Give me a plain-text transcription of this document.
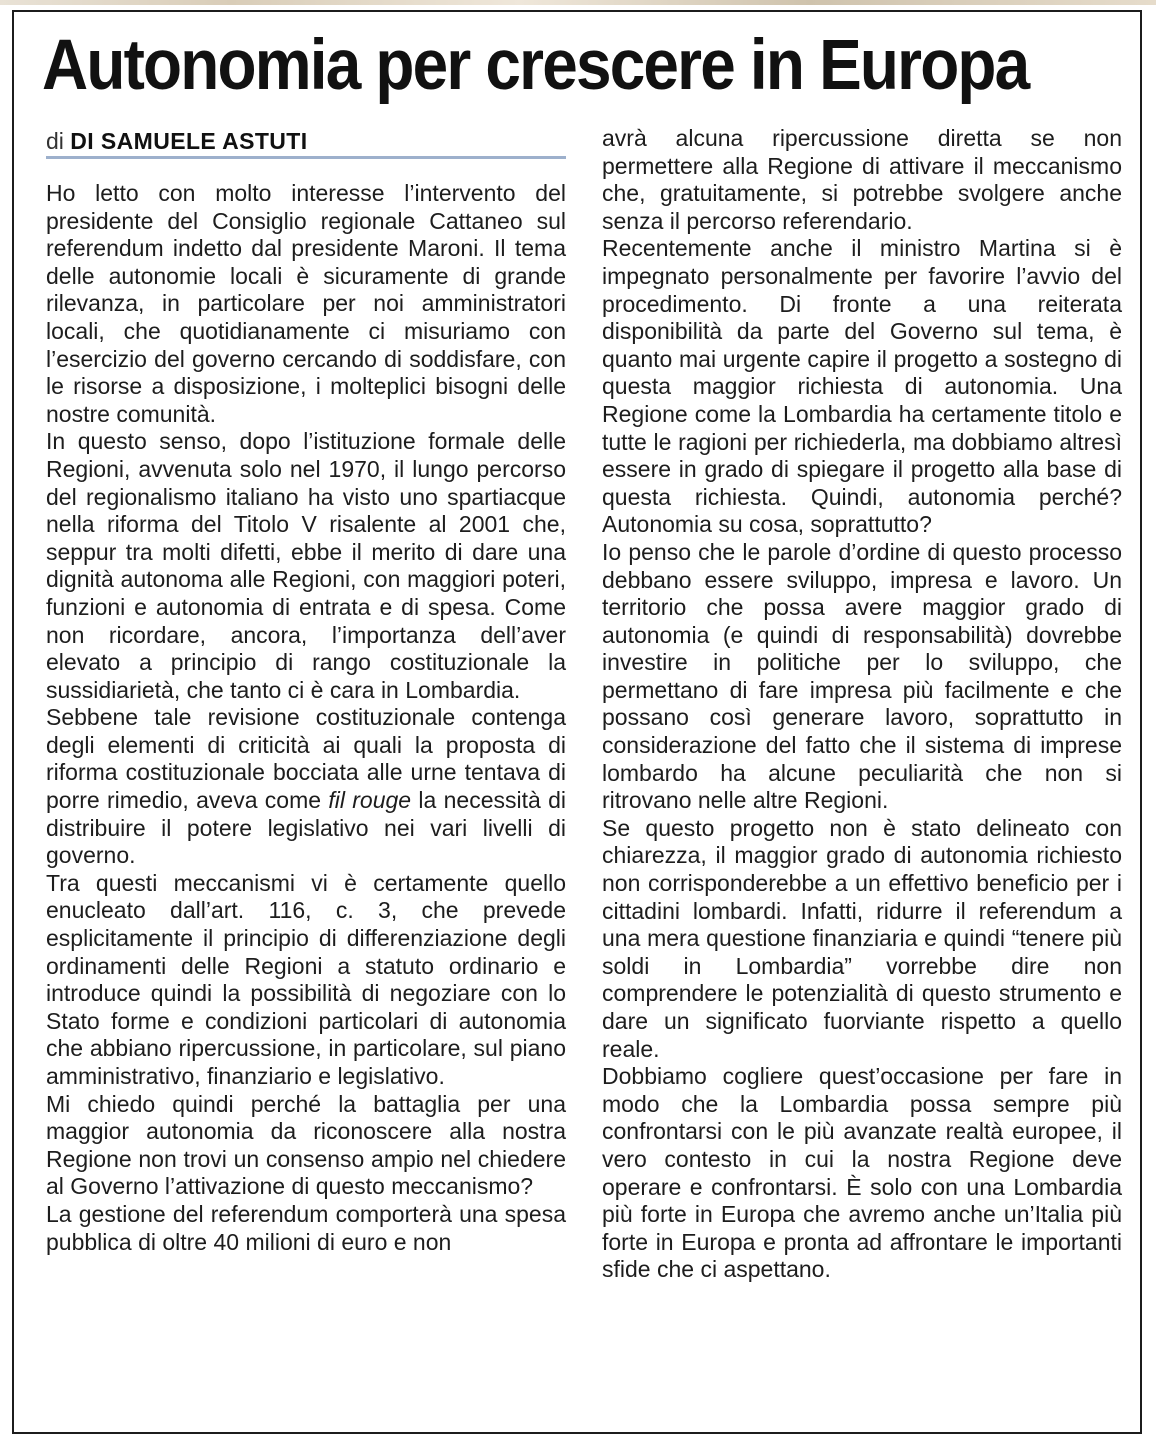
Autonomia per crescere in Europa
di DI SAMUELE ASTUTI

Ho letto con molto interesse l’intervento del presidente del Consiglio regionale Cattaneo sul referendum indetto dal presidente Maroni. Il tema delle autonomie locali è sicuramente di grande rilevanza, in particolare per noi amministratori locali, che quotidianamente ci misuriamo con l’esercizio del governo cercando di soddisfare, con le risorse a disposizione, i molteplici bisogni delle nostre comunità.

In questo senso, dopo l’istituzione formale delle Regioni, avvenuta solo nel 1970, il lungo percorso del regionalismo italiano ha visto uno spartiacque nella riforma del Titolo V risalente al 2001 che, seppur tra molti difetti, ebbe il merito di dare una dignità autonoma alle Regioni, con maggiori poteri, funzioni e autonomia di entrata e di spesa. Come non ricordare, ancora, l’importanza dell’aver elevato a principio di rango costituzionale la sussidiarietà, che tanto ci è cara in Lombardia.

Sebbene tale revisione costituzionale contenga degli elementi di criticità ai quali la proposta di riforma costituzionale bocciata alle urne tentava di porre rimedio, aveva come fil rouge la necessità di distribuire il potere legislativo nei vari livelli di governo.

Tra questi meccanismi vi è certamente quello enucleato dall’art. 116, c. 3, che prevede esplicitamente il principio di differenziazione degli ordinamenti delle Regioni a statuto ordinario e introduce quindi la possibilità di negoziare con lo Stato forme e condizioni particolari di autonomia che abbiano ripercussione, in particolare, sul piano amministrativo, finanziario e legislativo.

Mi chiedo quindi perché la battaglia per una maggior autonomia da riconoscere alla nostra Regione non trovi un consenso ampio nel chiedere al Governo l’attivazione di questo meccanismo?

La gestione del referendum comporterà una spesa pubblica di oltre 40 milioni di euro e non

avrà alcuna ripercussione diretta se non permettere alla Regione di attivare il meccanismo che, gratuitamente, si potrebbe svolgere anche senza il percorso referendario.

Recentemente anche il ministro Martina si è impegnato personalmente per favorire l’avvio del procedimento. Di fronte a una reiterata disponibilità da parte del Governo sul tema, è quanto mai urgente capire il progetto a sostegno di questa maggior richiesta di autonomia. Una Regione come la Lombardia ha certamente titolo e tutte le ragioni per richiederla, ma dobbiamo altresì essere in grado di spiegare il progetto alla base di questa richiesta. Quindi, autonomia perché? Autonomia su cosa, soprattutto?

Io penso che le parole d’ordine di questo processo debbano essere sviluppo, impresa e lavoro. Un territorio che possa avere maggior grado di autonomia (e quindi di responsabilità) dovrebbe investire in politiche per lo sviluppo, che permettano di fare impresa più facilmente e che possano così generare lavoro, soprattutto in considerazione del fatto che il sistema di imprese lombardo ha alcune peculiarità che non si ritrovano nelle altre Regioni.

Se questo progetto non è stato delineato con chiarezza, il maggior grado di autonomia richiesto non corrisponderebbe a un effettivo beneficio per i cittadini lombardi. Infatti, ridurre il referendum a una mera questione finanziaria e quindi “tenere più soldi in Lombardia” vorrebbe dire non comprendere le potenzialità di questo strumento e dare un significato fuorviante rispetto a quello reale.

Dobbiamo cogliere quest’occasione per fare in modo che la Lombardia possa sempre più confrontarsi con le più avanzate realtà europee, il vero contesto in cui la nostra Regione deve operare e confrontarsi. È solo con una Lombardia più forte in Europa che avremo anche un’Italia più forte in Europa e pronta ad affrontare le importanti sfide che ci aspettano.
